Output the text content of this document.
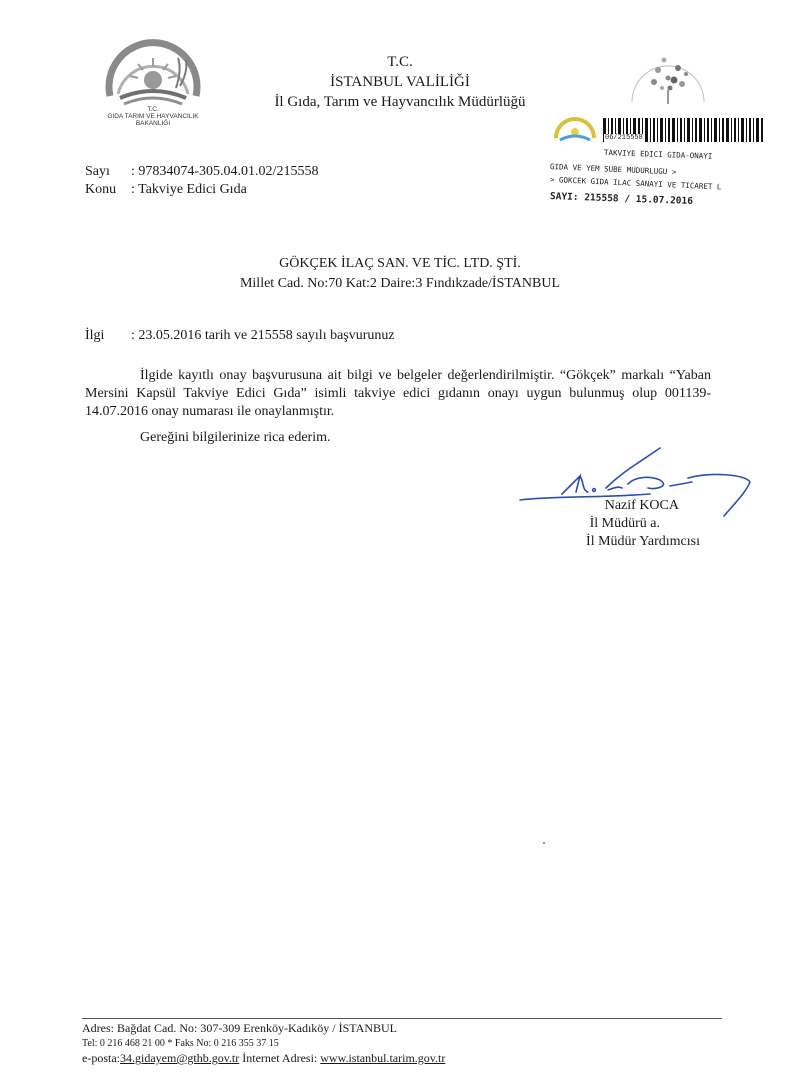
T.C.
GIDA TARIM VE HAYVANCILIK
BAKANLIĞI
T.C.
İSTANBUL VALİLİĞİ
İl Gıda, Tarım ve Hayvancılık Müdürlüğü
06/215558
TAKVIYE EDICI GIDA-ONAYI
GIDA VE YEM SUBE MUDURLUGU >
> GOKCEK GIDA ILAC SANAYI VE TICARET L
SAYI: 215558 / 15.07.2016
Sayı : 97834074-305.04.01.02/215558
Konu : Takviye Edici Gıda
GÖKÇEK İLAÇ SAN. VE TİC. LTD. ŞTİ.
Millet Cad. No:70 Kat:2 Daire:3 Fındıkzade/İSTANBUL
İlgi : 23.05.2016 tarih ve 215558 sayılı başvurunuz
İlgide kayıtlı onay başvurusuna ait bilgi ve belgeler değerlendirilmiştir. “Gökçek” markalı “Yaban Mersini Kapsül Takviye Edici Gıda” isimli takviye edici gıdanın onayı uygun bulunmuş olup 001139-14.07.2016 onay numarası ile onaylanmıştır.
Gereğini bilgilerinize rica ederim.
Nazif KOCA
İl Müdürü a.
İl Müdür Yardımcısı
Adres: Bağdat Cad. No: 307-309 Erenköy-Kadıköy / İSTANBUL
Tel: 0 216 468 21 00 * Faks No: 0 216 355 37 15
e-posta:34.gidayem@gthb.gov.tr İnternet Adresi: www.istanbul.tarim.gov.tr
